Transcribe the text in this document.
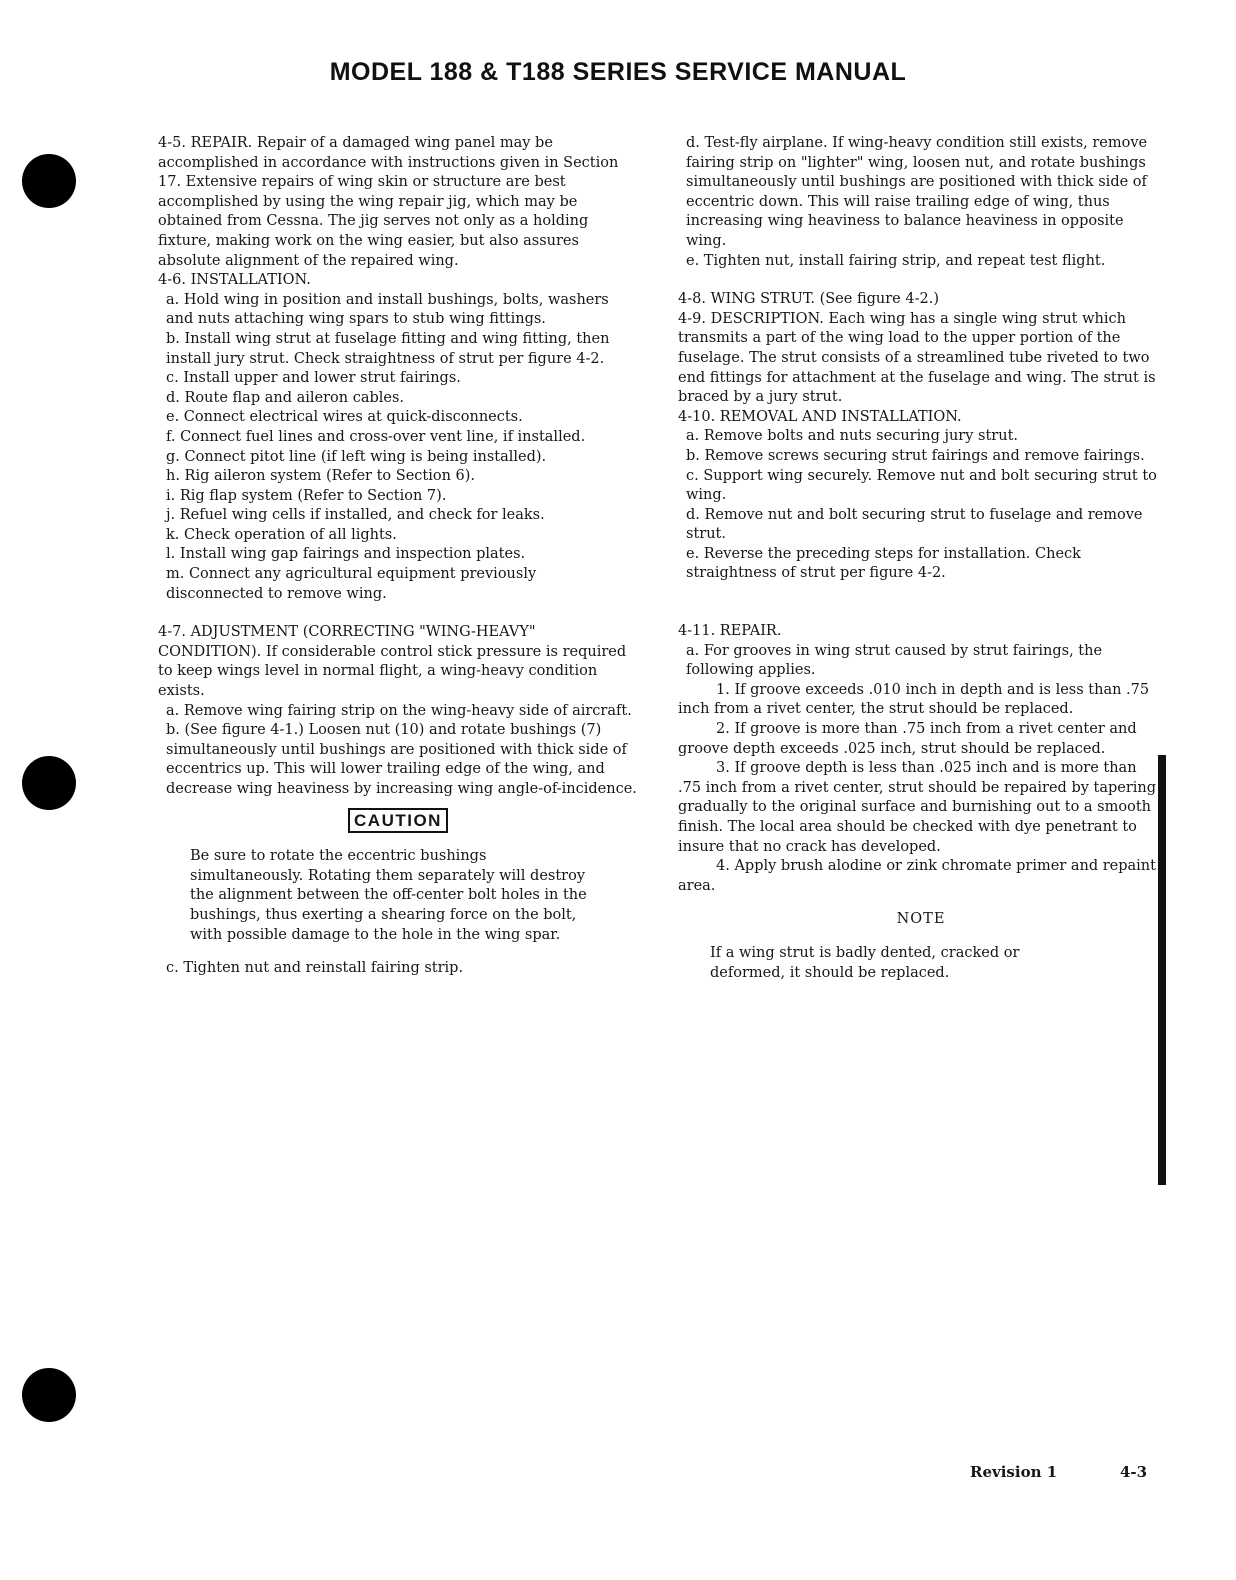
MODEL 188 & T188 SERIES SERVICE MANUAL

4-5. REPAIR. Repair of a damaged wing panel may be accomplished in accordance with instructions given in Section 17. Extensive repairs of wing skin or structure are best accomplished by using the wing repair jig, which may be obtained from Cessna. The jig serves not only as a holding fixture, making work on the wing easier, but also assures absolute alignment of the repaired wing.

4-6. INSTALLATION.

a. Hold wing in position and install bushings, bolts, washers and nuts attaching wing spars to stub wing fittings.

b. Install wing strut at fuselage fitting and wing fitting, then install jury strut. Check straightness of strut per figure 4-2.

c. Install upper and lower strut fairings.

d. Route flap and aileron cables.

e. Connect electrical wires at quick-disconnects.

f. Connect fuel lines and cross-over vent line, if installed.

g. Connect pitot line (if left wing is being installed).

h. Rig aileron system (Refer to Section 6).

i. Rig flap system (Refer to Section 7).

j. Refuel wing cells if installed, and check for leaks.

k. Check operation of all lights.

l. Install wing gap fairings and inspection plates.

m. Connect any agricultural equipment previously disconnected to remove wing.

4-7. ADJUSTMENT (CORRECTING "WING-HEAVY" CONDITION). If considerable control stick pressure is required to keep wings level in normal flight, a wing-heavy condition exists.

a. Remove wing fairing strip on the wing-heavy side of aircraft.

b. (See figure 4-1.) Loosen nut (10) and rotate bushings (7) simultaneously until bushings are positioned with thick side of eccentrics up. This will lower trailing edge of the wing, and decrease wing heaviness by increasing wing angle-of-incidence.

CAUTION

Be sure to rotate the eccentric bushings simultaneously. Rotating them separately will destroy the alignment between the off-center bolt holes in the bushings, thus exerting a shearing force on the bolt, with possible damage to the hole in the wing spar.

c. Tighten nut and reinstall fairing strip.

d. Test-fly airplane. If wing-heavy condition still exists, remove fairing strip on "lighter" wing, loosen nut, and rotate bushings simultaneously until bushings are positioned with thick side of eccentric down. This will raise trailing edge of wing, thus increasing wing heaviness to balance heaviness in opposite wing.

e. Tighten nut, install fairing strip, and repeat test flight.

4-8. WING STRUT. (See figure 4-2.)

4-9. DESCRIPTION. Each wing has a single wing strut which transmits a part of the wing load to the upper portion of the fuselage. The strut consists of a streamlined tube riveted to two end fittings for attachment at the fuselage and wing. The strut is braced by a jury strut.

4-10. REMOVAL AND INSTALLATION.

a. Remove bolts and nuts securing jury strut.

b. Remove screws securing strut fairings and remove fairings.

c. Support wing securely. Remove nut and bolt securing strut to wing.

d. Remove nut and bolt securing strut to fuselage and remove strut.

e. Reverse the preceding steps for installation. Check straightness of strut per figure 4-2.

4-11. REPAIR.

a. For grooves in wing strut caused by strut fairings, the following applies.

1. If groove exceeds .010 inch in depth and is less than .75 inch from a rivet center, the strut should be replaced.

2. If groove is more than .75 inch from a rivet center and groove depth exceeds .025 inch, strut should be replaced.

3. If groove depth is less than .025 inch and is more than .75 inch from a rivet center, strut should be repaired by tapering gradually to the original surface and burnishing out to a smooth finish. The local area should be checked with dye penetrant to insure that no crack has developed.

4. Apply brush alodine or zink chromate primer and repaint area.

NOTE

If a wing strut is badly dented, cracked or deformed, it should be replaced.

Revision 1	4-3
